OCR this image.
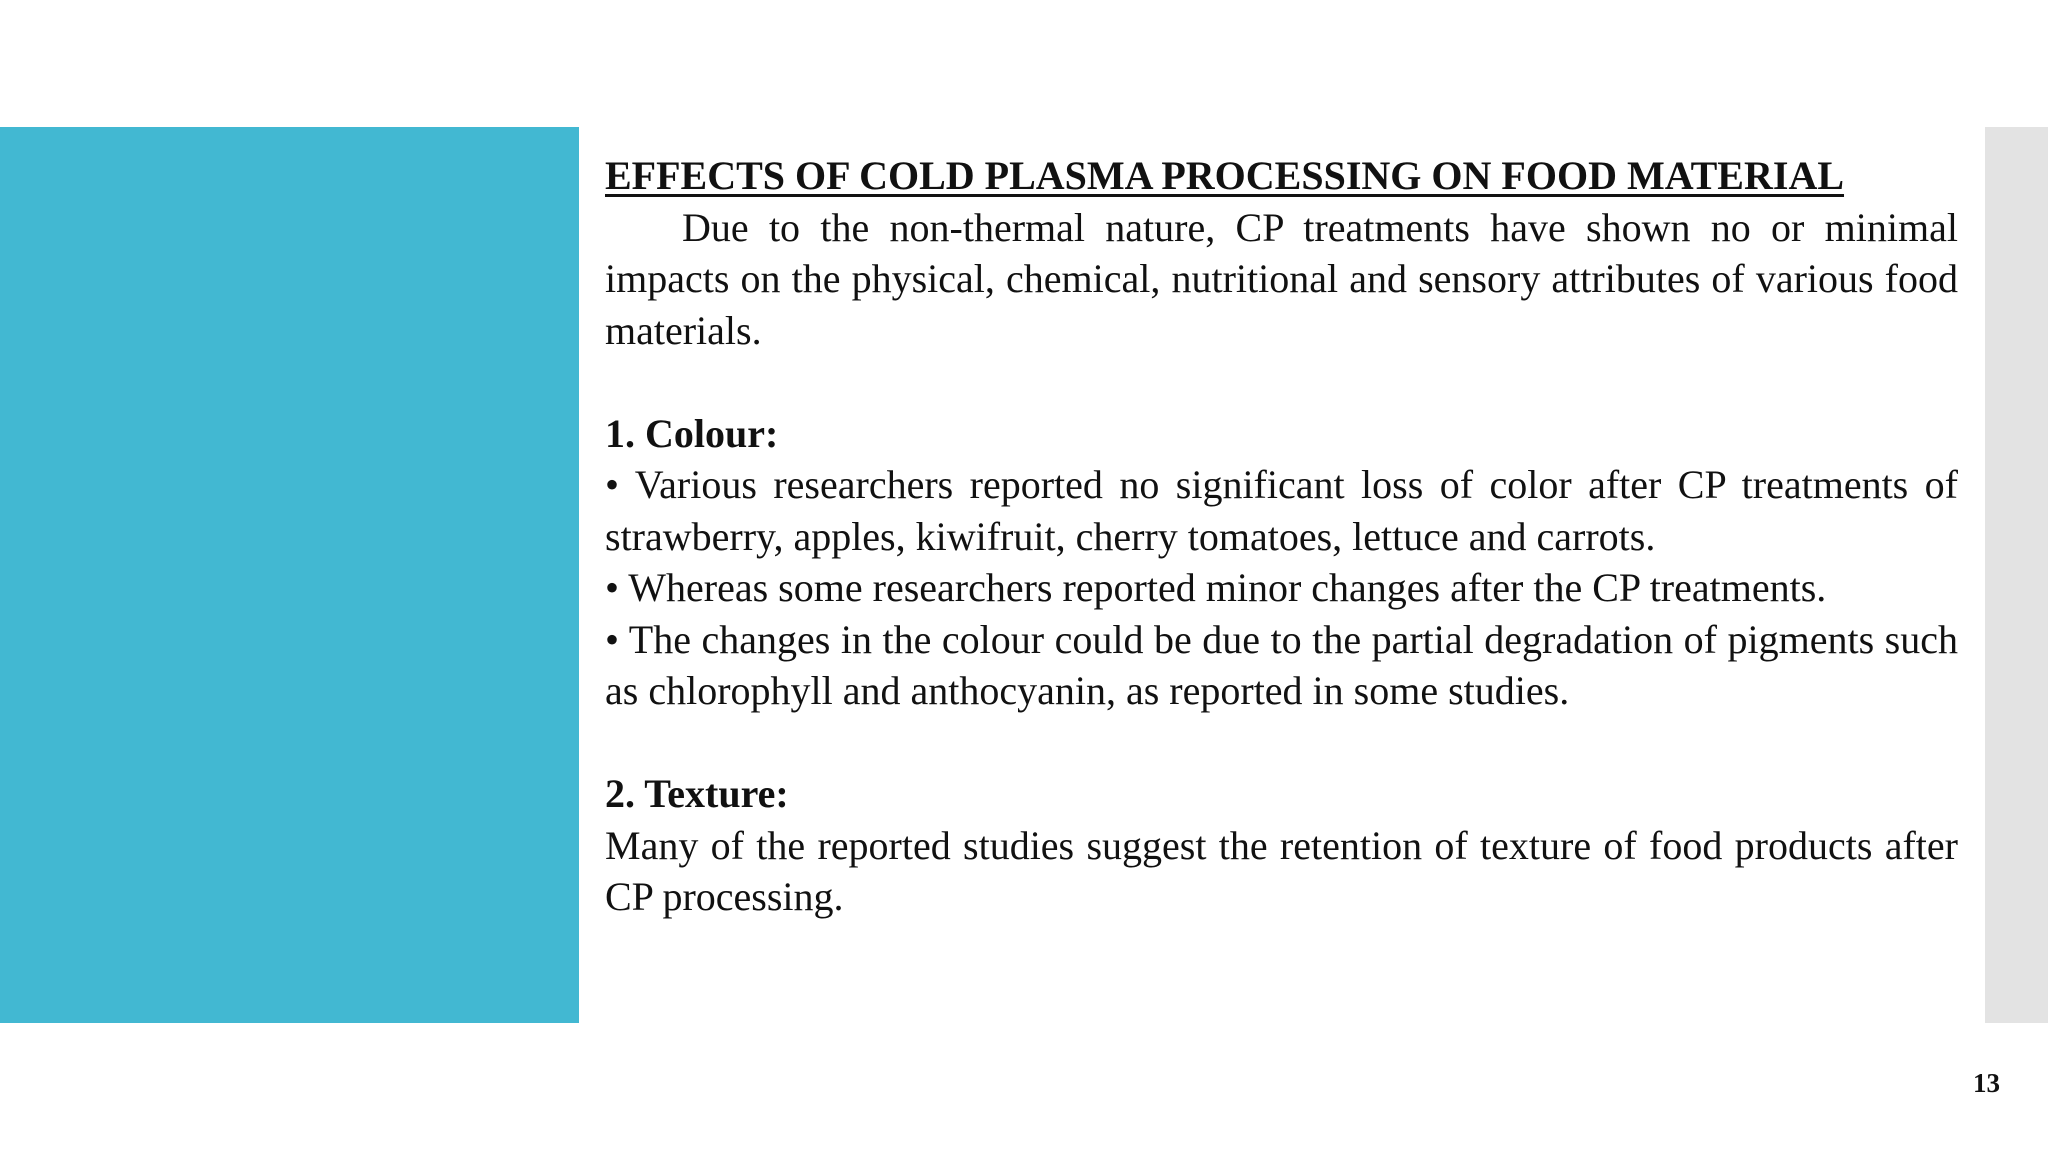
EFFECTS OF COLD PLASMA PROCESSING ON FOOD MATERIAL

Due to the non-thermal nature, CP treatments have shown no or minimal impacts on the physical, chemical, nutritional and sensory attributes of various food materials.

1. Colour:

• Various researchers reported no significant loss of color after CP treatments of strawberry, apples, kiwifruit, cherry tomatoes, lettuce and carrots.

• Whereas some researchers reported minor changes after the CP treatments.

• The changes in the colour could be due to the partial degradation of pigments such as chlorophyll and anthocyanin, as reported in some studies.

2. Texture:

Many of the reported studies suggest the retention of texture of food products after CP processing.

13
